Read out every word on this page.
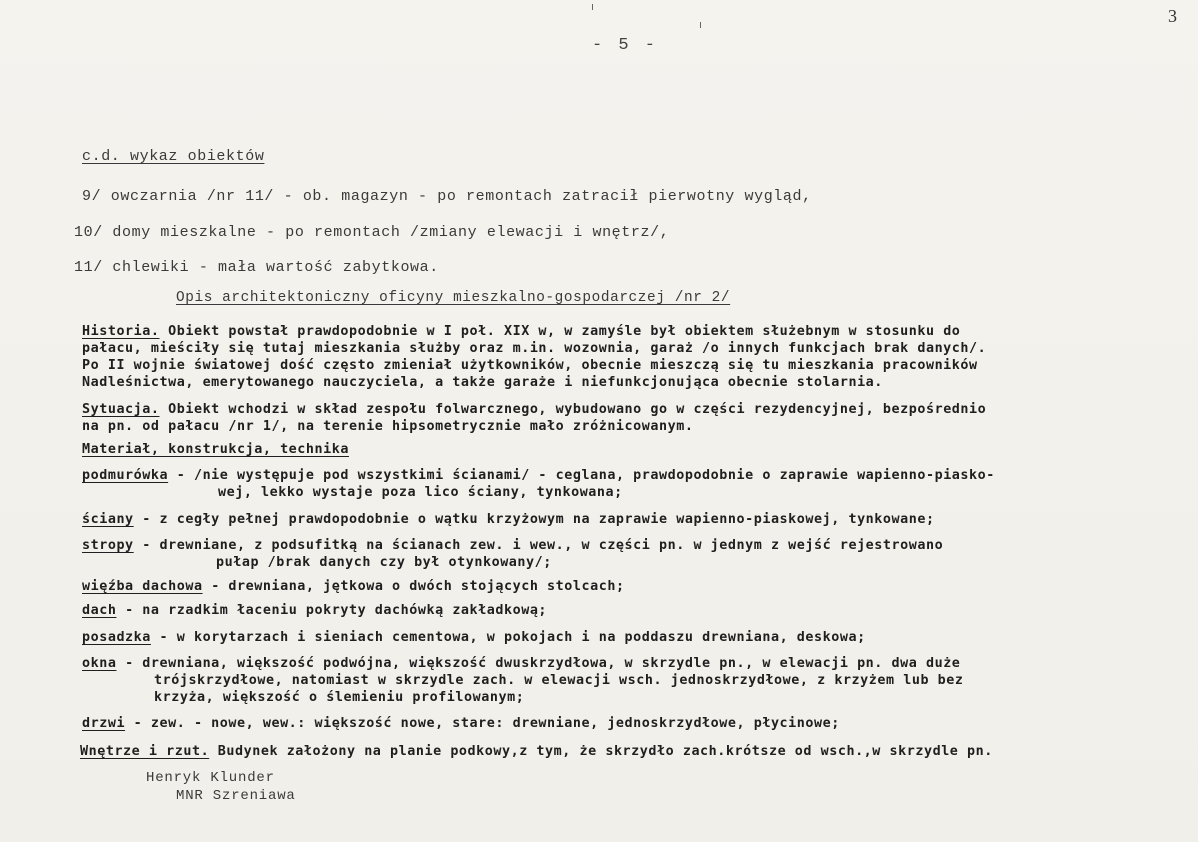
3
- 5 -
c.d. wykaz obiektów
9/ owczarnia /nr 11/ - ob. magazyn - po remontach zatracił pierwotny wygląd,
10/ domy mieszkalne - po remontach /zmiany elewacji i wnętrz/,
11/ chlewiki - mała wartość zabytkowa.
Opis architektoniczny oficyny mieszkalno-gospodarczej /nr 2/
Historia. Obiekt powstał prawdopodobnie w I poł. XIX w, w zamyśle był obiektem służebnym w stosunku do
pałacu, mieściły się tutaj mieszkania służby oraz m.in. wozownia, garaż /o innych funkcjach brak danych/.
Po II wojnie światowej dość często zmieniał użytkowników, obecnie mieszczą się tu mieszkania pracowników
Nadleśnictwa, emerytowanego nauczyciela, a także garaże i niefunkcjonująca obecnie stolarnia.
Sytuacja. Obiekt wchodzi w skład zespołu folwarcznego, wybudowano go w części rezydencyjnej, bezpośrednio
na pn. od pałacu /nr 1/, na terenie hipsometrycznie mało zróżnicowanym.
Materiał, konstrukcja, technika
podmurówka - /nie występuje pod wszystkimi ścianami/ - ceglana, prawdopodobnie o zaprawie wapienno-piasko-
wej, lekko wystaje poza lico ściany, tynkowana;
ściany - z cegły pełnej prawdopodobnie o wątku krzyżowym na zaprawie wapienno-piaskowej, tynkowane;
stropy - drewniane, z podsufitką na ścianach zew. i wew., w części pn. w jednym z wejść rejestrowano
pułap /brak danych czy był otynkowany/;
więźba dachowa - drewniana, jętkowa o dwóch stojących stolcach;
dach - na rzadkim łaceniu pokryty dachówką zakładkową;
posadzka - w korytarzach i sieniach cementowa, w pokojach i na poddaszu drewniana, deskowa;
okna - drewniana, większość podwójna, większość dwuskrzydłowa, w skrzydle pn., w elewacji pn. dwa duże
trójskrzydłowe, natomiast w skrzydle zach. w elewacji wsch. jednoskrzydłowe, z krzyżem lub bez
krzyża, większość o ślemieniu profilowanym;
drzwi - zew. - nowe, wew.: większość nowe, stare: drewniane, jednoskrzydłowe, płycinowe;
Wnętrze i rzut. Budynek założony na planie podkowy,z tym, że skrzydło zach.krótsze od wsch.,w skrzydle pn.
Henryk Klunder
MNR Szreniawa
